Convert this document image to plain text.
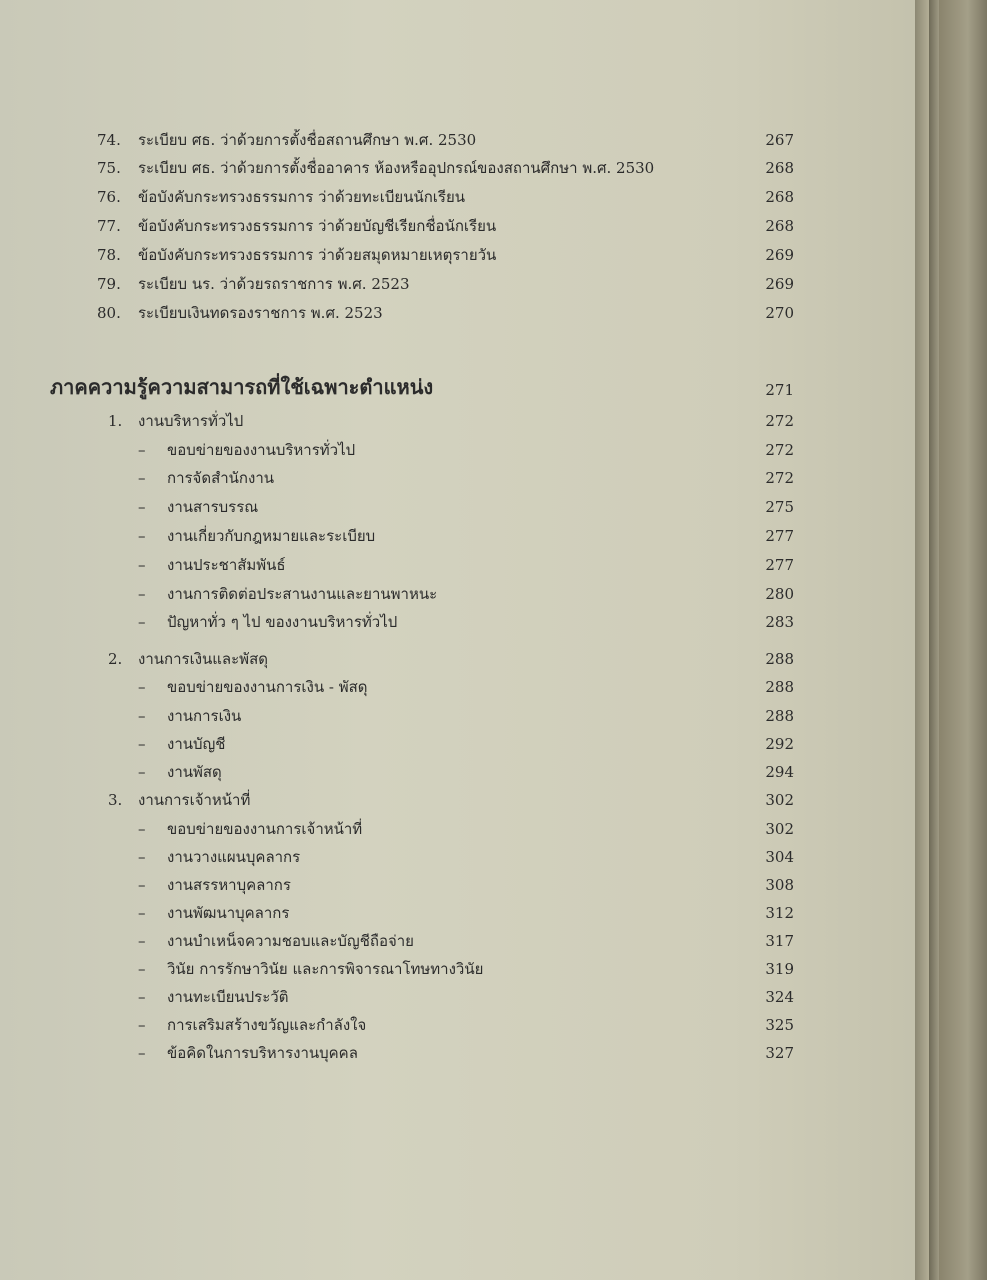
74.	ระเบียบ ศธ. ว่าด้วยการตั้งชื่อสถานศึกษา พ.ศ. 2530	267
75.	ระเบียบ ศธ. ว่าด้วยการตั้งชื่ออาคาร ห้องหรืออุปกรณ์ของสถานศึกษา พ.ศ. 2530	268
76.	ข้อบังคับกระทรวงธรรมการ ว่าด้วยทะเบียนนักเรียน	268
77.	ข้อบังคับกระทรวงธรรมการ ว่าด้วยบัญชีเรียกชื่อนักเรียน	268
78.	ข้อบังคับกระทรวงธรรมการ ว่าด้วยสมุดหมายเหตุรายวัน	269
79.	ระเบียบ นร. ว่าด้วยรถราชการ พ.ศ. 2523	269
80.	ระเบียบเงินทดรองราชการ พ.ศ. 2523	270
ภาคความรู้ความสามารถที่ใช้เฉพาะตำแหน่ง	271
1.	งานบริหารทั่วไป	272
–	ขอบข่ายของงานบริหารทั่วไป	272
–	การจัดสำนักงาน	272
–	งานสารบรรณ	275
–	งานเกี่ยวกับกฎหมายและระเบียบ	277
–	งานประชาสัมพันธ์	277
–	งานการติดต่อประสานงานและยานพาหนะ	280
–	ปัญหาทั่ว ๆ ไป ของงานบริหารทั่วไป	283
2.	งานการเงินและพัสดุ	288
–	ขอบข่ายของงานการเงิน - พัสดุ	288
–	งานการเงิน	288
–	งานบัญชี	292
–	งานพัสดุ	294
3.	งานการเจ้าหน้าที่	302
–	ขอบข่ายของงานการเจ้าหน้าที่	302
–	งานวางแผนบุคลากร	304
–	งานสรรหาบุคลากร	308
–	งานพัฒนาบุคลากร	312
–	งานบำเหน็จความชอบและบัญชีถือจ่าย	317
–	วินัย การรักษาวินัย และการพิจารณาโทษทางวินัย	319
–	งานทะเบียนประวัติ	324
–	การเสริมสร้างขวัญและกำลังใจ	325
–	ข้อคิดในการบริหารงานบุคคล	327
